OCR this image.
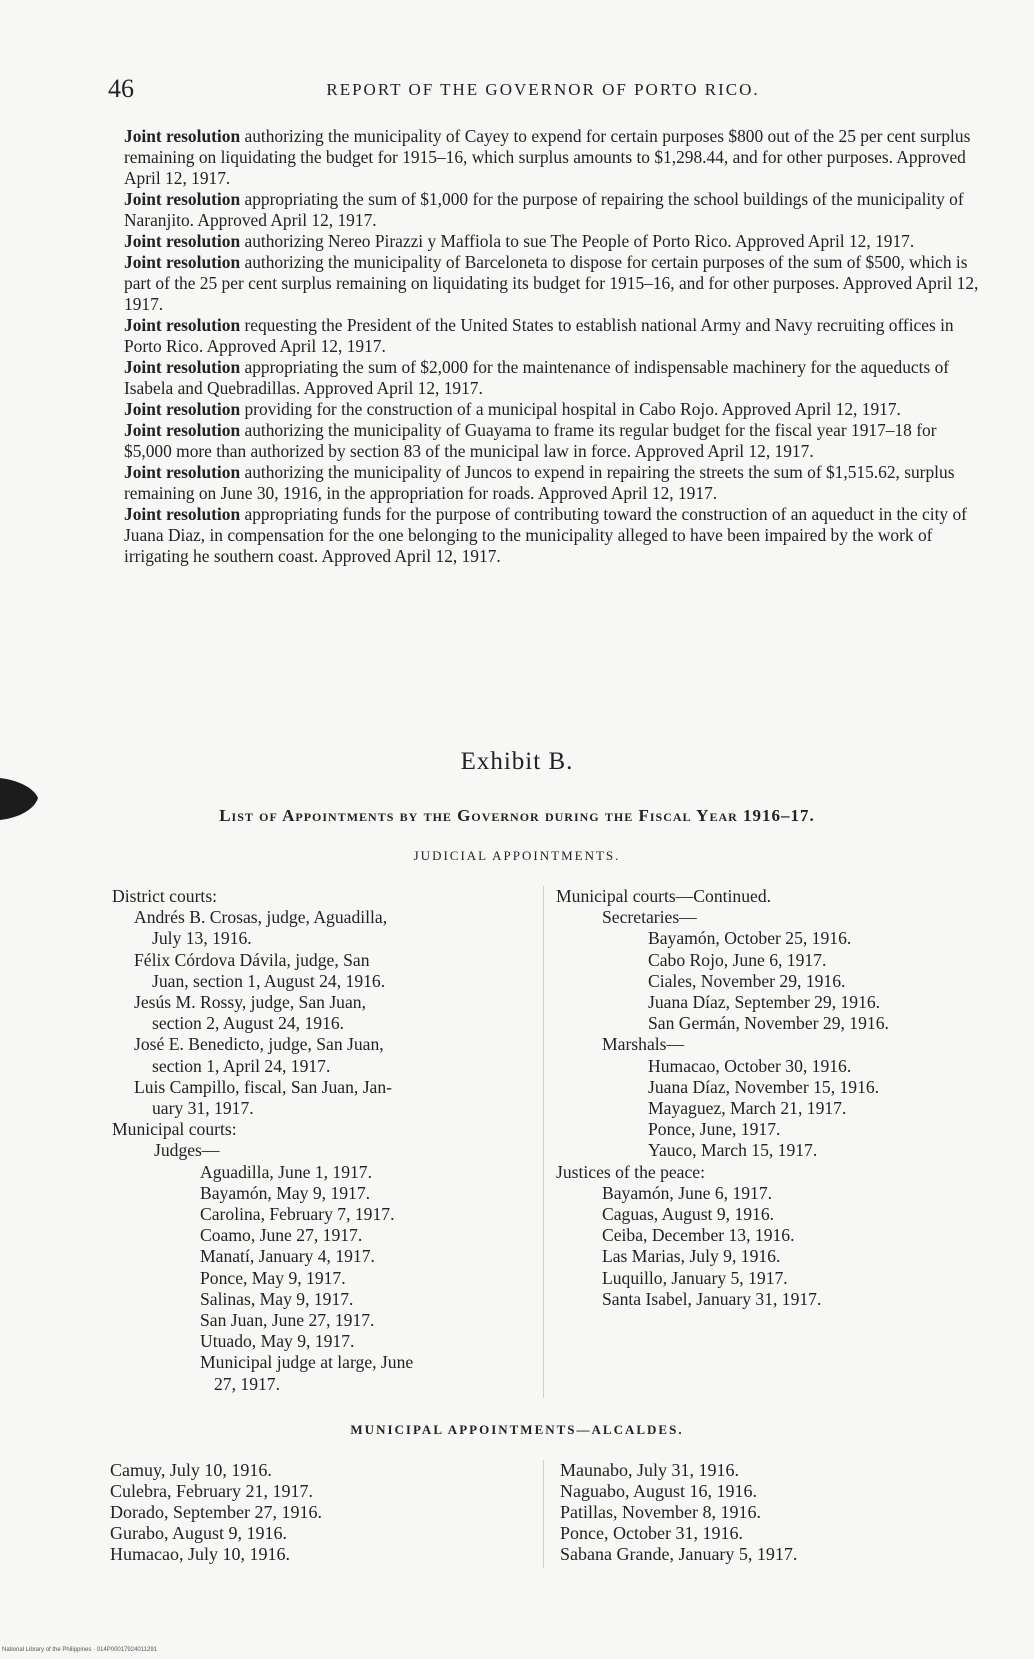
46	REPORT OF THE GOVERNOR OF PORTO RICO.

Joint resolution authorizing the municipality of Cayey to expend for certain purposes $800 out of the 25 per cent surplus remaining on liquidating the budget for 1915–16, which surplus amounts to $1,298.44, and for other purposes. Approved April 12, 1917.

Joint resolution appropriating the sum of $1,000 for the purpose of repairing the school buildings of the municipality of Naranjito. Approved April 12, 1917.

Joint resolution authorizing Nereo Pirazzi y Maffiola to sue The People of Porto Rico. Approved April 12, 1917.

Joint resolution authorizing the municipality of Barceloneta to dispose for certain purposes of the sum of $500, which is part of the 25 per cent surplus remaining on liquidating its budget for 1915–16, and for other purposes. Approved April 12, 1917.

Joint resolution requesting the President of the United States to establish national Army and Navy recruiting offices in Porto Rico. Approved April 12, 1917.

Joint resolution appropriating the sum of $2,000 for the maintenance of indispensable machinery for the aqueducts of Isabela and Quebradillas. Approved April 12, 1917.

Joint resolution providing for the construction of a municipal hospital in Cabo Rojo. Approved April 12, 1917.

Joint resolution authorizing the municipality of Guayama to frame its regular budget for the fiscal year 1917–18 for $5,000 more than authorized by section 83 of the municipal law in force. Approved April 12, 1917.

Joint resolution authorizing the municipality of Juncos to expend in repairing the streets the sum of $1,515.62, surplus remaining on June 30, 1916, in the appropriation for roads. Approved April 12, 1917.

Joint resolution appropriating funds for the purpose of contributing toward the construction of an aqueduct in the city of Juana Diaz, in compensation for the one belonging to the municipality alleged to have been impaired by the work of irrigating he southern coast. Approved April 12, 1917.

Exhibit B.
List of Appointments by the Governor during the Fiscal Year 1916–17.
JUDICIAL APPOINTMENTS.
District courts:
Andrés B. Crosas, judge, Aguadilla,
July 13, 1916.
Félix Córdova Dávila, judge, San
Juan, section 1, August 24, 1916.
Jesús M. Rossy, judge, San Juan,
section 2, August 24, 1916.
José E. Benedicto, judge, San Juan,
section 1, April 24, 1917.
Luis Campillo, fiscal, San Juan, Jan-
uary 31, 1917.
Municipal courts:
Judges—
Aguadilla, June 1, 1917.
Bayamón, May 9, 1917.
Carolina, February 7, 1917.
Coamo, June 27, 1917.
Manatí, January 4, 1917.
Ponce, May 9, 1917.
Salinas, May 9, 1917.
San Juan, June 27, 1917.
Utuado, May 9, 1917.
Municipal judge at large, June
27, 1917.
Municipal courts—Continued.
Secretaries—
Bayamón, October 25, 1916.
Cabo Rojo, June 6, 1917.
Ciales, November 29, 1916.
Juana Díaz, September 29, 1916.
San Germán, November 29, 1916.
Marshals—
Humacao, October 30, 1916.
Juana Díaz, November 15, 1916.
Mayaguez, March 21, 1917.
Ponce, June, 1917.
Yauco, March 15, 1917.
Justices of the peace:
Bayamón, June 6, 1917.
Caguas, August 9, 1916.
Ceiba, December 13, 1916.
Las Marias, July 9, 1916.
Luquillo, January 5, 1917.
Santa Isabel, January 31, 1917.
MUNICIPAL APPOINTMENTS—ALCALDES.
Camuy, July 10, 1916.
Culebra, February 21, 1917.
Dorado, September 27, 1916.
Gurabo, August 9, 1916.
Humacao, July 10, 1916.
Maunabo, July 31, 1916.
Naguabo, August 16, 1916.
Patillas, November 8, 1916.
Ponce, October 31, 1916.
Sabana Grande, January 5, 1917.
National Library of the Philippines · 014P00017924011291
